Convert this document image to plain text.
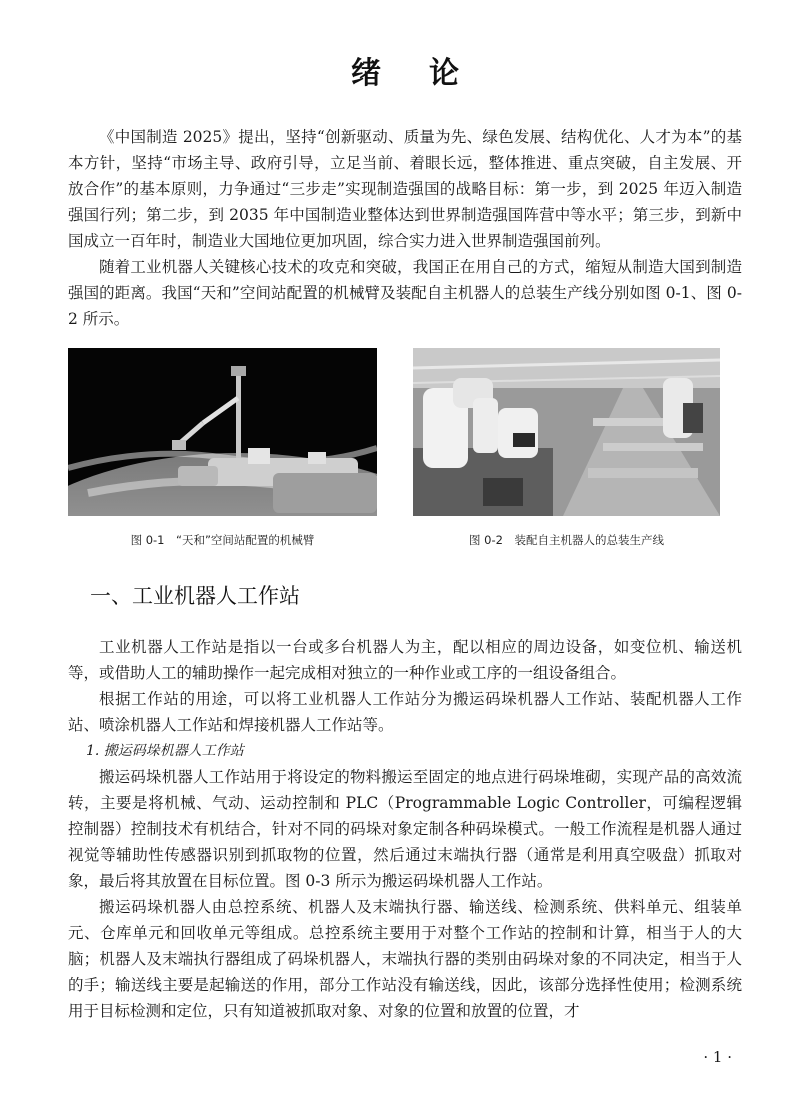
绪论

《中国制造 2025》提出，坚持“创新驱动、质量为先、绿色发展、结构优化、人才为本”的基本方针，坚持“市场主导、政府引导，立足当前、着眼长远，整体推进、重点突破，自主发展、开放合作”的基本原则，力争通过“三步走”实现制造强国的战略目标：第一步，到 2025 年迈入制造强国行列；第二步，到 2035 年中国制造业整体达到世界制造强国阵营中等水平；第三步，到新中国成立一百年时，制造业大国地位更加巩固，综合实力进入世界制造强国前列。

随着工业机器人关键核心技术的攻克和突破，我国正在用自己的方式，缩短从制造大国到制造强国的距离。我国“天和”空间站配置的机械臂及装配自主机器人的总装生产线分别如图 0-1、图 0-2 所示。

图 0-1　“天和”空间站配置的机械臂	图 0-2　装配自主机器人的总装生产线
一、工业机器人工作站

工业机器人工作站是指以一台或多台机器人为主，配以相应的周边设备，如变位机、输送机等，或借助人工的辅助操作一起完成相对独立的一种作业或工序的一组设备组合。

根据工作站的用途，可以将工业机器人工作站分为搬运码垛机器人工作站、装配机器人工作站、喷涂机器人工作站和焊接机器人工作站等。

1. 搬运码垛机器人工作站

搬运码垛机器人工作站用于将设定的物料搬运至固定的地点进行码垛堆砌，实现产品的高效流转，主要是将机械、气动、运动控制和 PLC（Programmable Logic Controller，可编程逻辑控制器）控制技术有机结合，针对不同的码垛对象定制各种码垛模式。一般工作流程是机器人通过视觉等辅助性传感器识别到抓取物的位置，然后通过末端执行器（通常是利用真空吸盘）抓取对象，最后将其放置在目标位置。图 0-3 所示为搬运码垛机器人工作站。

搬运码垛机器人由总控系统、机器人及末端执行器、输送线、检测系统、供料单元、组装单元、仓库单元和回收单元等组成。总控系统主要用于对整个工作站的控制和计算，相当于人的大脑；机器人及末端执行器组成了码垛机器人，末端执行器的类别由码垛对象的不同决定，相当于人的手；输送线主要是起输送的作用，部分工作站没有输送线，因此，该部分选择性使用；检测系统用于目标检测和定位，只有知道被抓取对象、对象的位置和放置的位置，才

· 1 ·
